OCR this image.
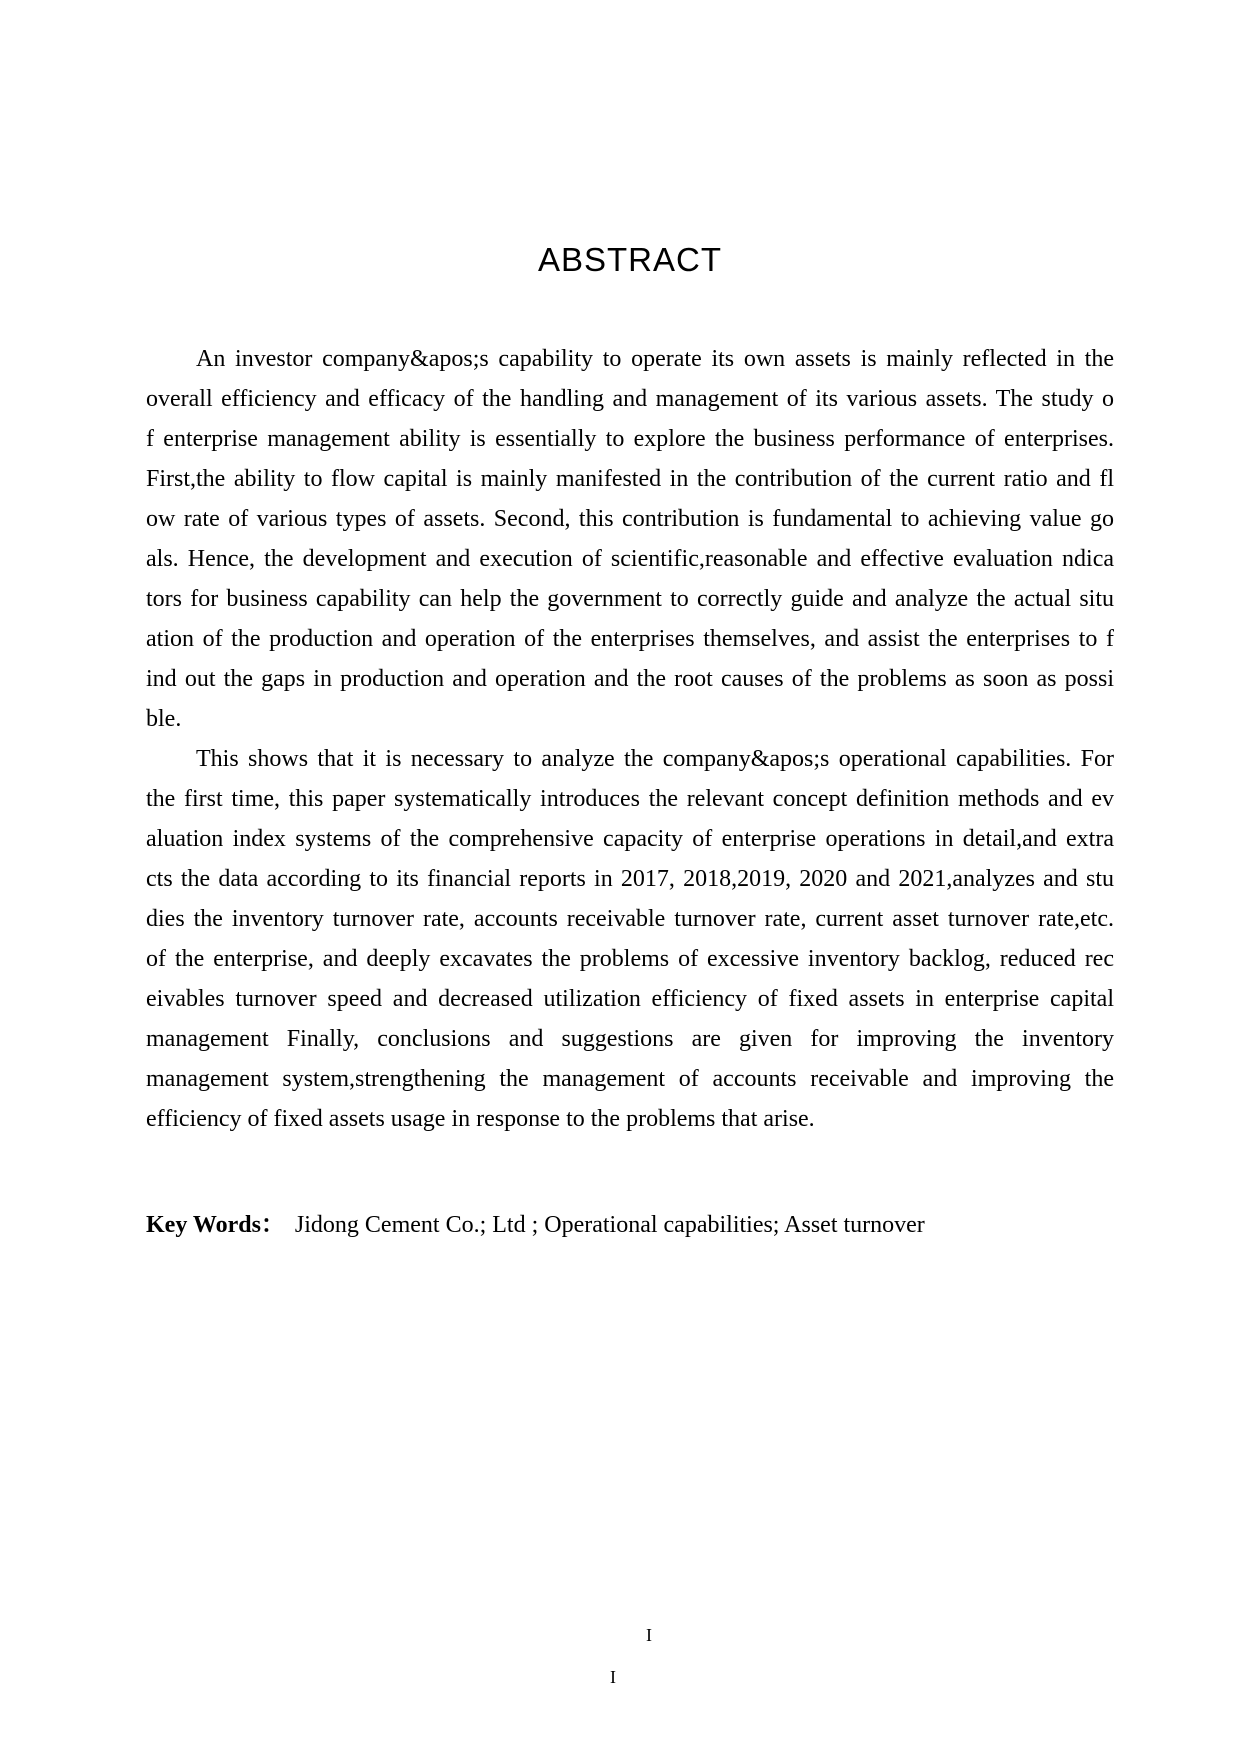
ABSTRACT
An investor company&apos;s capability to operate its own assets is mainly reflected in the
overall efficiency and efficacy of the handling and management of its various assets. The study o
f enterprise management ability is essentially to explore the business performance of enterprises.
First,the ability to flow capital is mainly manifested in the contribution of the current ratio and fl
ow rate of various types of assets. Second, this contribution is fundamental to achieving value go
als. Hence, the development and execution of scientific,reasonable and effective evaluation ndica
tors for business capability can help the government to correctly guide and analyze the actual situ
ation of the production and operation of the enterprises themselves, and assist the enterprises to f
ind out the gaps in production and operation and the root causes of the problems as soon as possi
ble.
This shows that it is necessary to analyze the company&apos;s operational capabilities. For
the first time, this paper systematically introduces the relevant concept definition methods and ev
aluation index systems of the comprehensive capacity of enterprise operations in detail,and extra
cts the data according to its financial reports in 2017, 2018,2019, 2020 and 2021,analyzes and stu
dies the inventory turnover rate, accounts receivable turnover rate, current asset turnover rate,etc.
of the enterprise, and deeply excavates the problems of excessive inventory backlog, reduced rec
eivables turnover speed and decreased utilization efficiency of fixed assets in enterprise capital
management Finally, conclusions and suggestions are given for improving the inventory
management system,strengthening the management of accounts receivable and improving the
efficiency of fixed assets usage in response to the problems that arise.

Key Words： Jidong Cement Co.; Ltd ; Operational capabilities; Asset turnover

I
I
